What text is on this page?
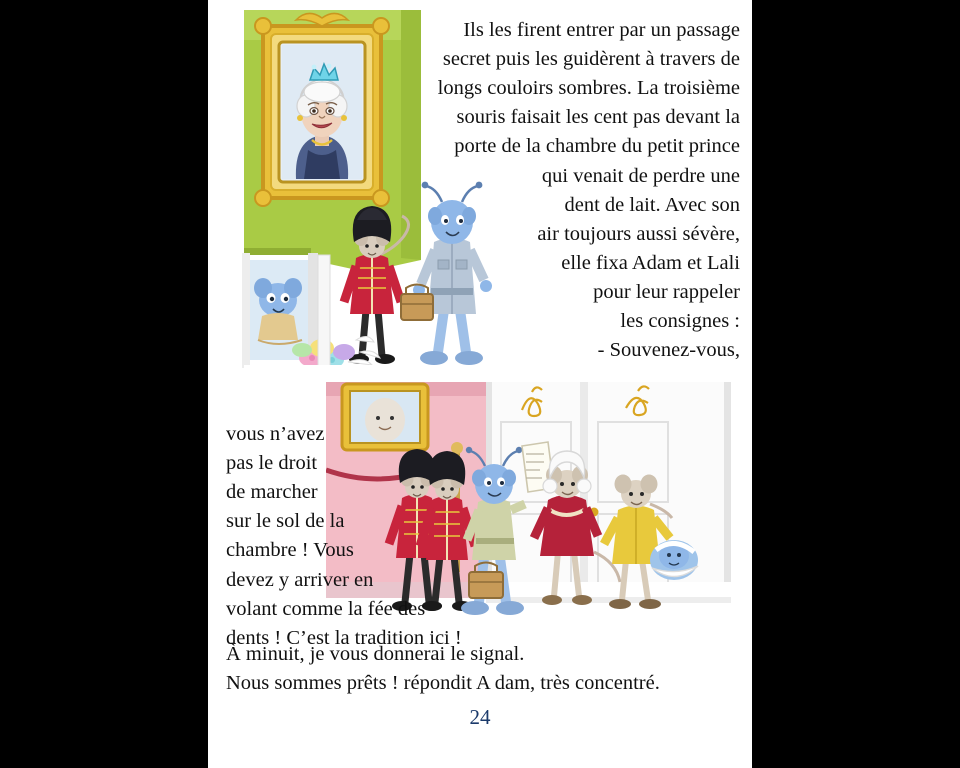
Ils les firent entrer par un passage
secret puis les guidèrent à travers de
longs couloirs sombres. La troisième
souris faisait les cent pas devant la
porte de la chambre du petit prince
qui venait de perdre une
dent de lait. Avec son
air toujours aussi sévère,
elle fixa Adam et Lali
pour leur rappeler
les consignes :
- Souvenez-vous,
vous n’avez
pas le droit
de marcher
sur le sol de la
chambre ! Vous
devez y arriver en
volant comme la fée des
dents ! C’est la tradition ici !
À minuit, je vous donnerai le signal.
Nous sommes prêts ! répondit A dam, très concentré.
24
